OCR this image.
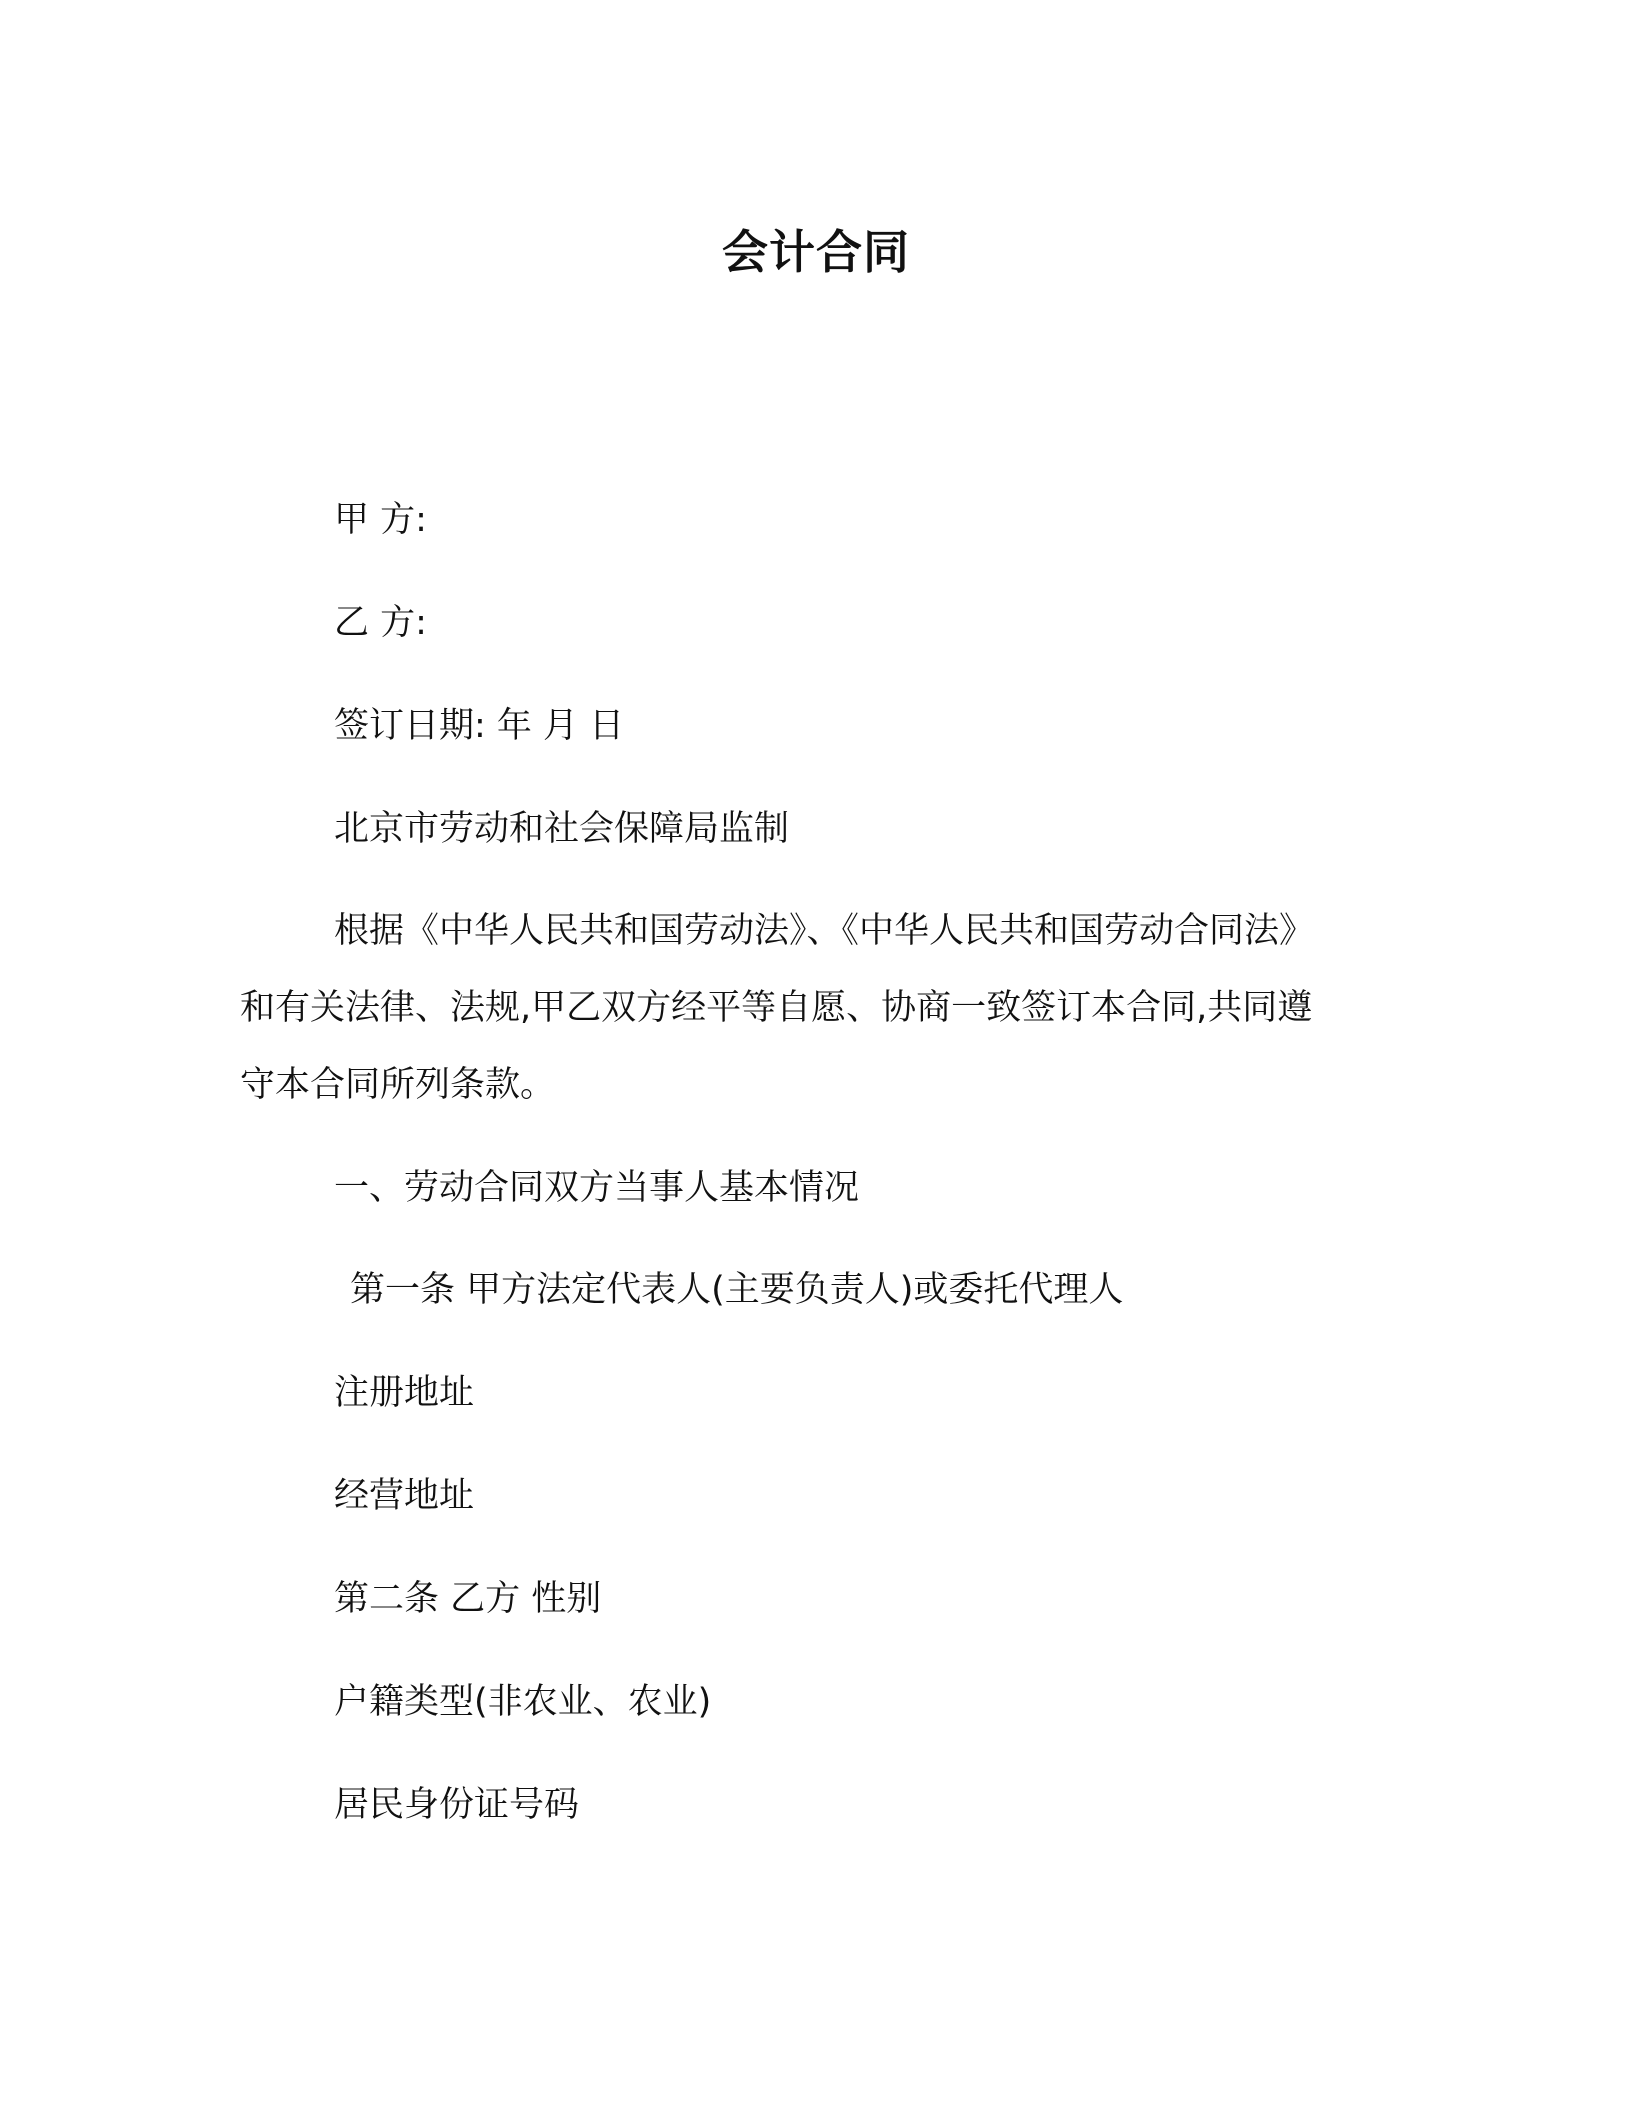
会计合同
甲 方:
乙 方:
签订日期: 年 月 日
北京市劳动和社会保障局监制
根据《中华人民共和国劳动法》、《中华人民共和国劳动合同法》
和有关法律、法规,甲乙双方经平等自愿、协商一致签订本合同,共同遵
守本合同所列条款。
一、劳动合同双方当事人基本情况
第一条 甲方法定代表人(主要负责人)或委托代理人
注册地址
经营地址
第二条 乙方 性别
户籍类型(非农业、农业)
居民身份证号码
